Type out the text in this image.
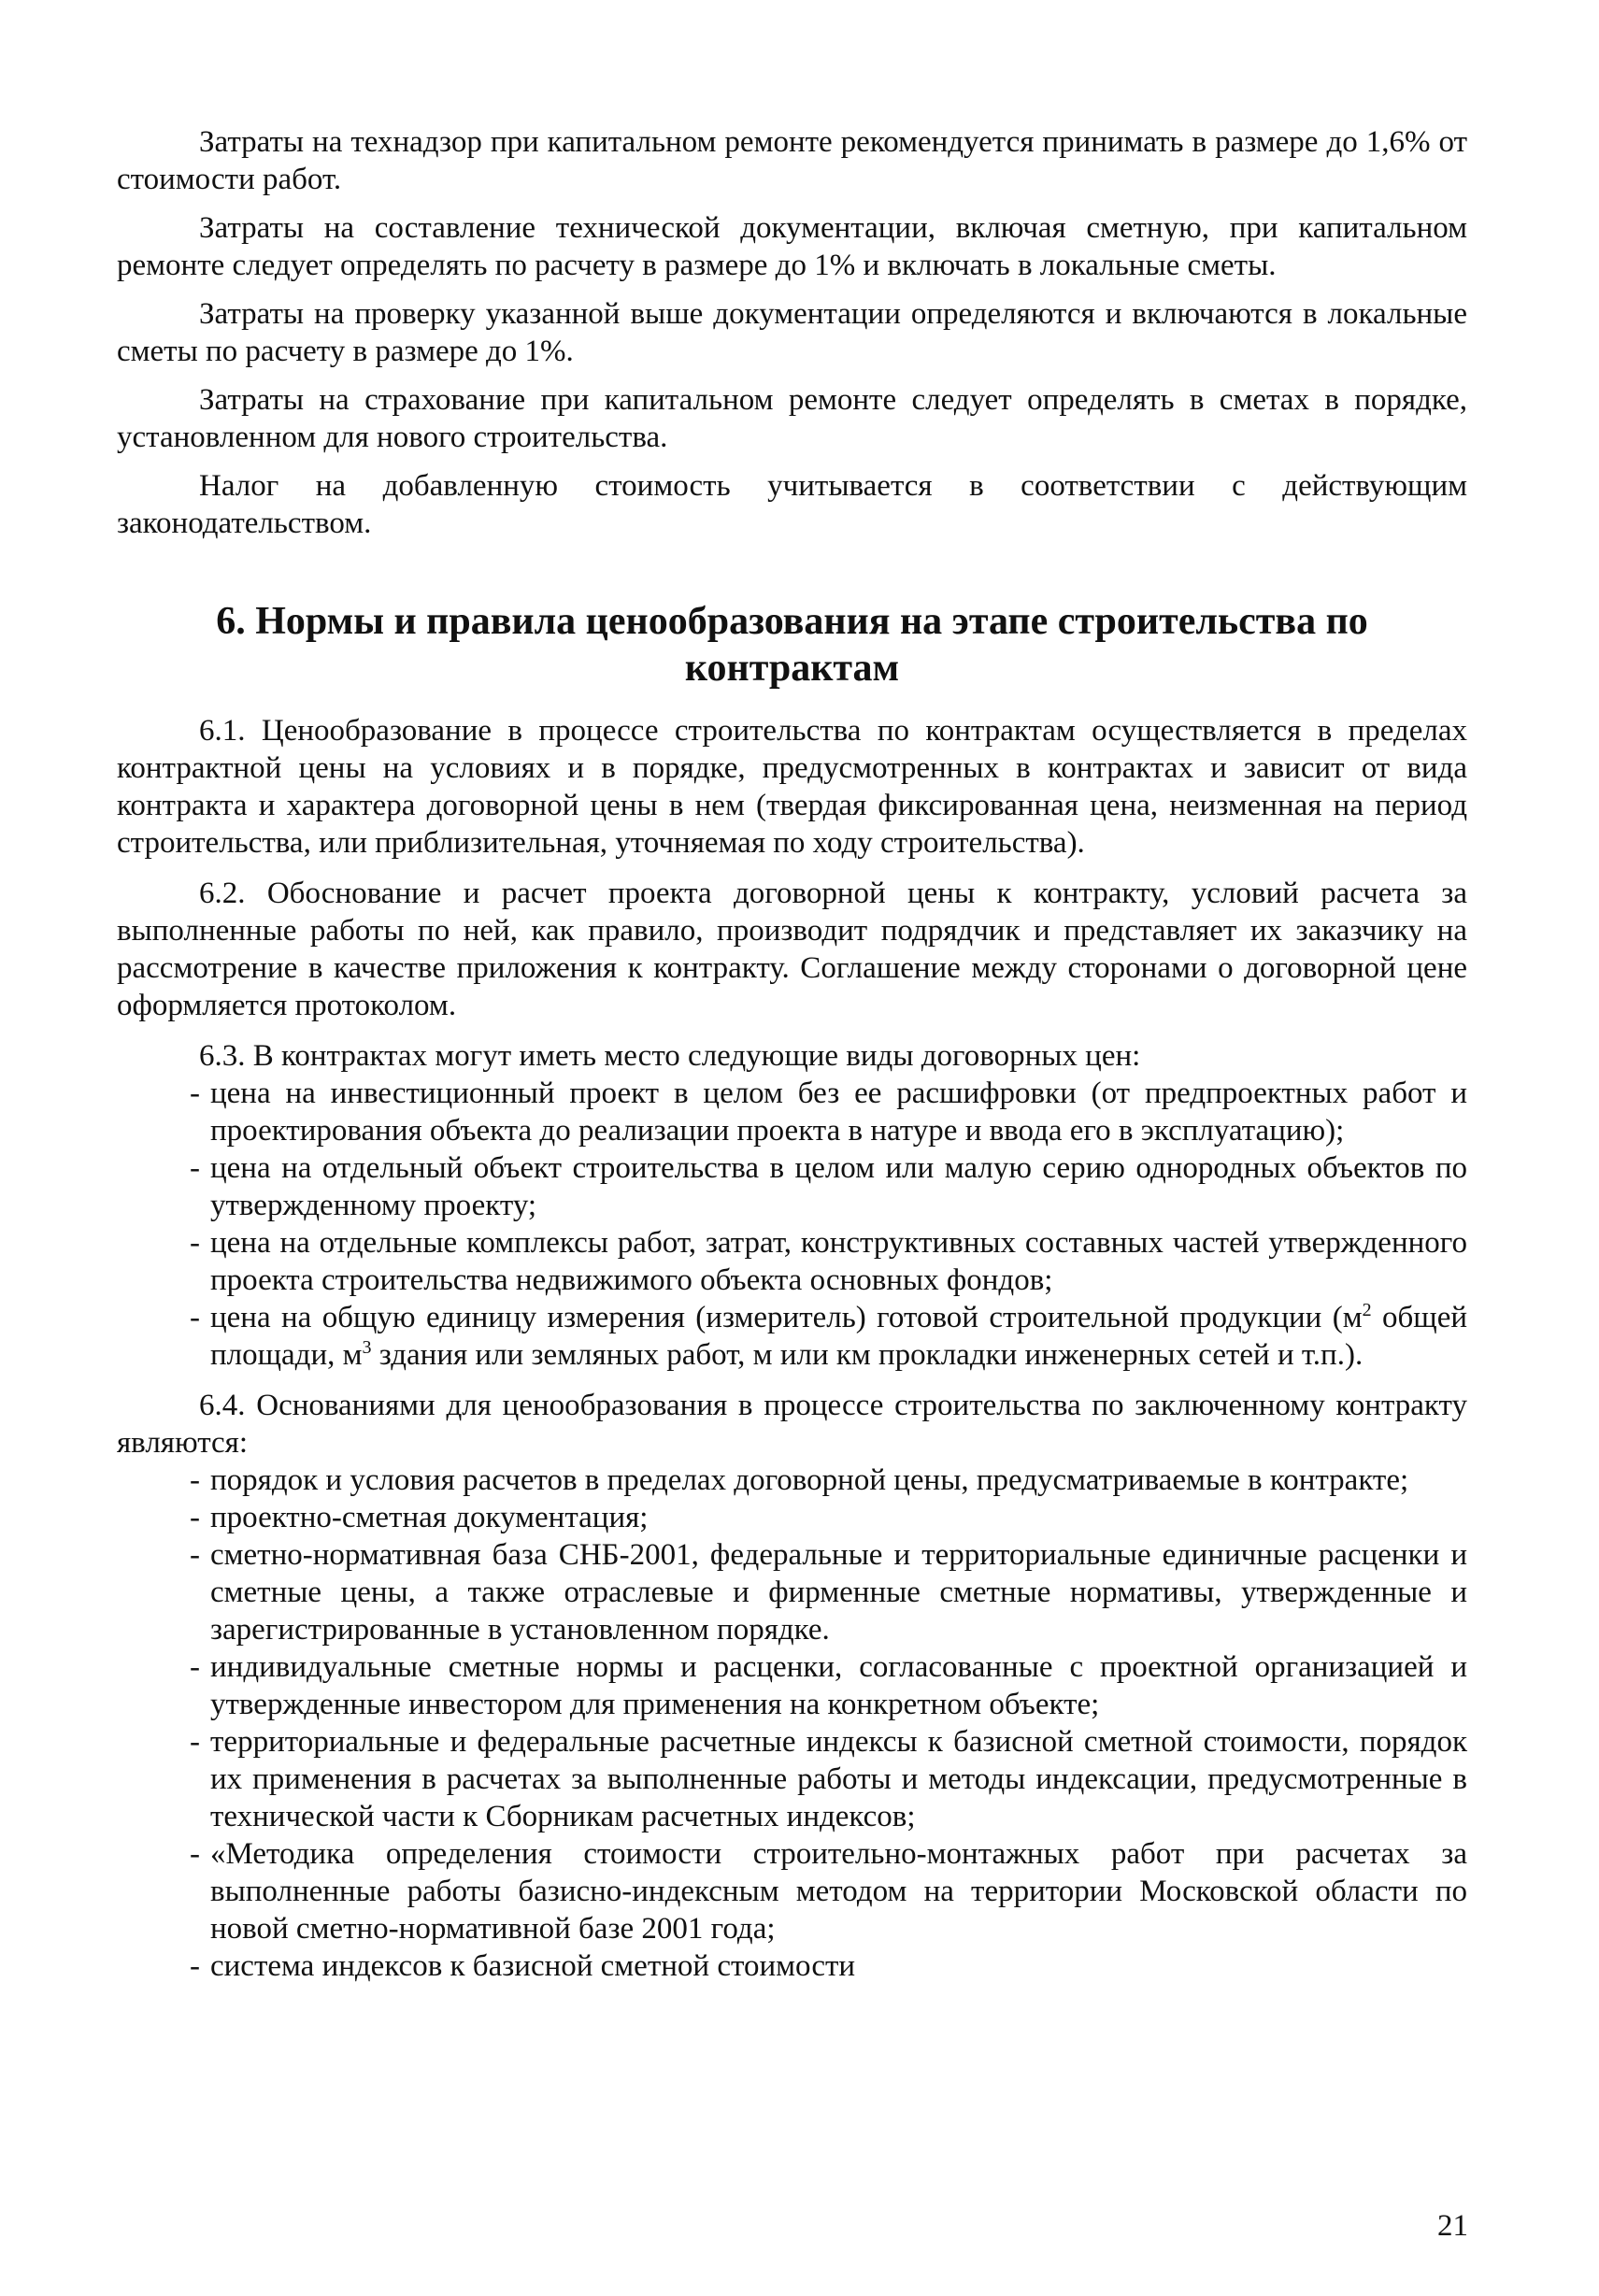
Затраты на технадзор при капитальном ремонте рекомендуется принимать в размере до 1,6% от стоимости работ.

Затраты на составление технической документации, включая сметную, при капитальном ремонте следует определять по расчету в размере до 1% и включать в локальные сметы.

Затраты на проверку указанной выше документации определяются и включаются в локальные сметы по расчету в размере до 1%.

Затраты на страхование при капитальном ремонте следует определять в сметах в порядке, установленном для нового строительства.

Налог на добавленную стоимость учитывается в соответствии с действующим законодательством.

6. Нормы и правила ценообразования на этапе строительства по контрактам

6.1. Ценообразование в процессе строительства по контрактам осуществляется в пределах контрактной цены на условиях и в порядке, предусмотренных в контрактах и зависит от вида контракта и характера договорной цены в нем (твердая фиксированная цена, неизменная на период строительства, или приблизительная, уточняемая по ходу строительства).

6.2. Обоснование и расчет проекта договорной цены к контракту, условий расчета за выполненные работы по ней, как правило, производит подрядчик и представляет их заказчику на рассмотрение в качестве приложения к контракту. Соглашение между сторонами о договорной цене оформляется протоколом.

6.3. В контрактах могут иметь место следующие виды договорных цен:

- цена на инвестиционный проект в целом без ее расшифровки (от предпроектных работ и проектирования объекта до реализации проекта в натуре и ввода его в эксплуатацию);
- цена на отдельный объект строительства в целом или малую серию однородных объектов по утвержденному проекту;
- цена на отдельные комплексы работ, затрат, конструктивных составных частей утвержденного проекта строительства недвижимого объекта основных фондов;
- цена на общую единицу измерения (измеритель) готовой строительной продукции ($м^2$ общей площади, $м^3$ здания или земляных работ, м или км прокладки инженерных сетей и т.п.).

6.4. Основаниями для ценообразования в процессе строительства по заключенному контракту являются:

- порядок и условия расчетов в пределах договорной цены, предусматриваемые в контракте;
- проектно-сметная документация;
- сметно-нормативная база СНБ-2001, федеральные и территориальные единичные расценки и сметные цены, а также отраслевые и фирменные сметные нормативы, утвержденные и зарегистрированные в установленном порядке.
- индивидуальные сметные нормы и расценки, согласованные с проектной организацией и утвержденные инвестором для применения на конкретном объекте;
- территориальные и федеральные расчетные индексы к базисной сметной стоимости, порядок их применения в расчетах за выполненные работы и методы индексации, предусмотренные в технической части к Сборникам расчетных индексов;
- «Методика определения стоимости строительно-монтажных работ при расчетах за выполненные работы базисно-индексным методом на территории Московской области по новой сметно-нормативной базе 2001 года;
- система индексов к базисной сметной стоимости
21
